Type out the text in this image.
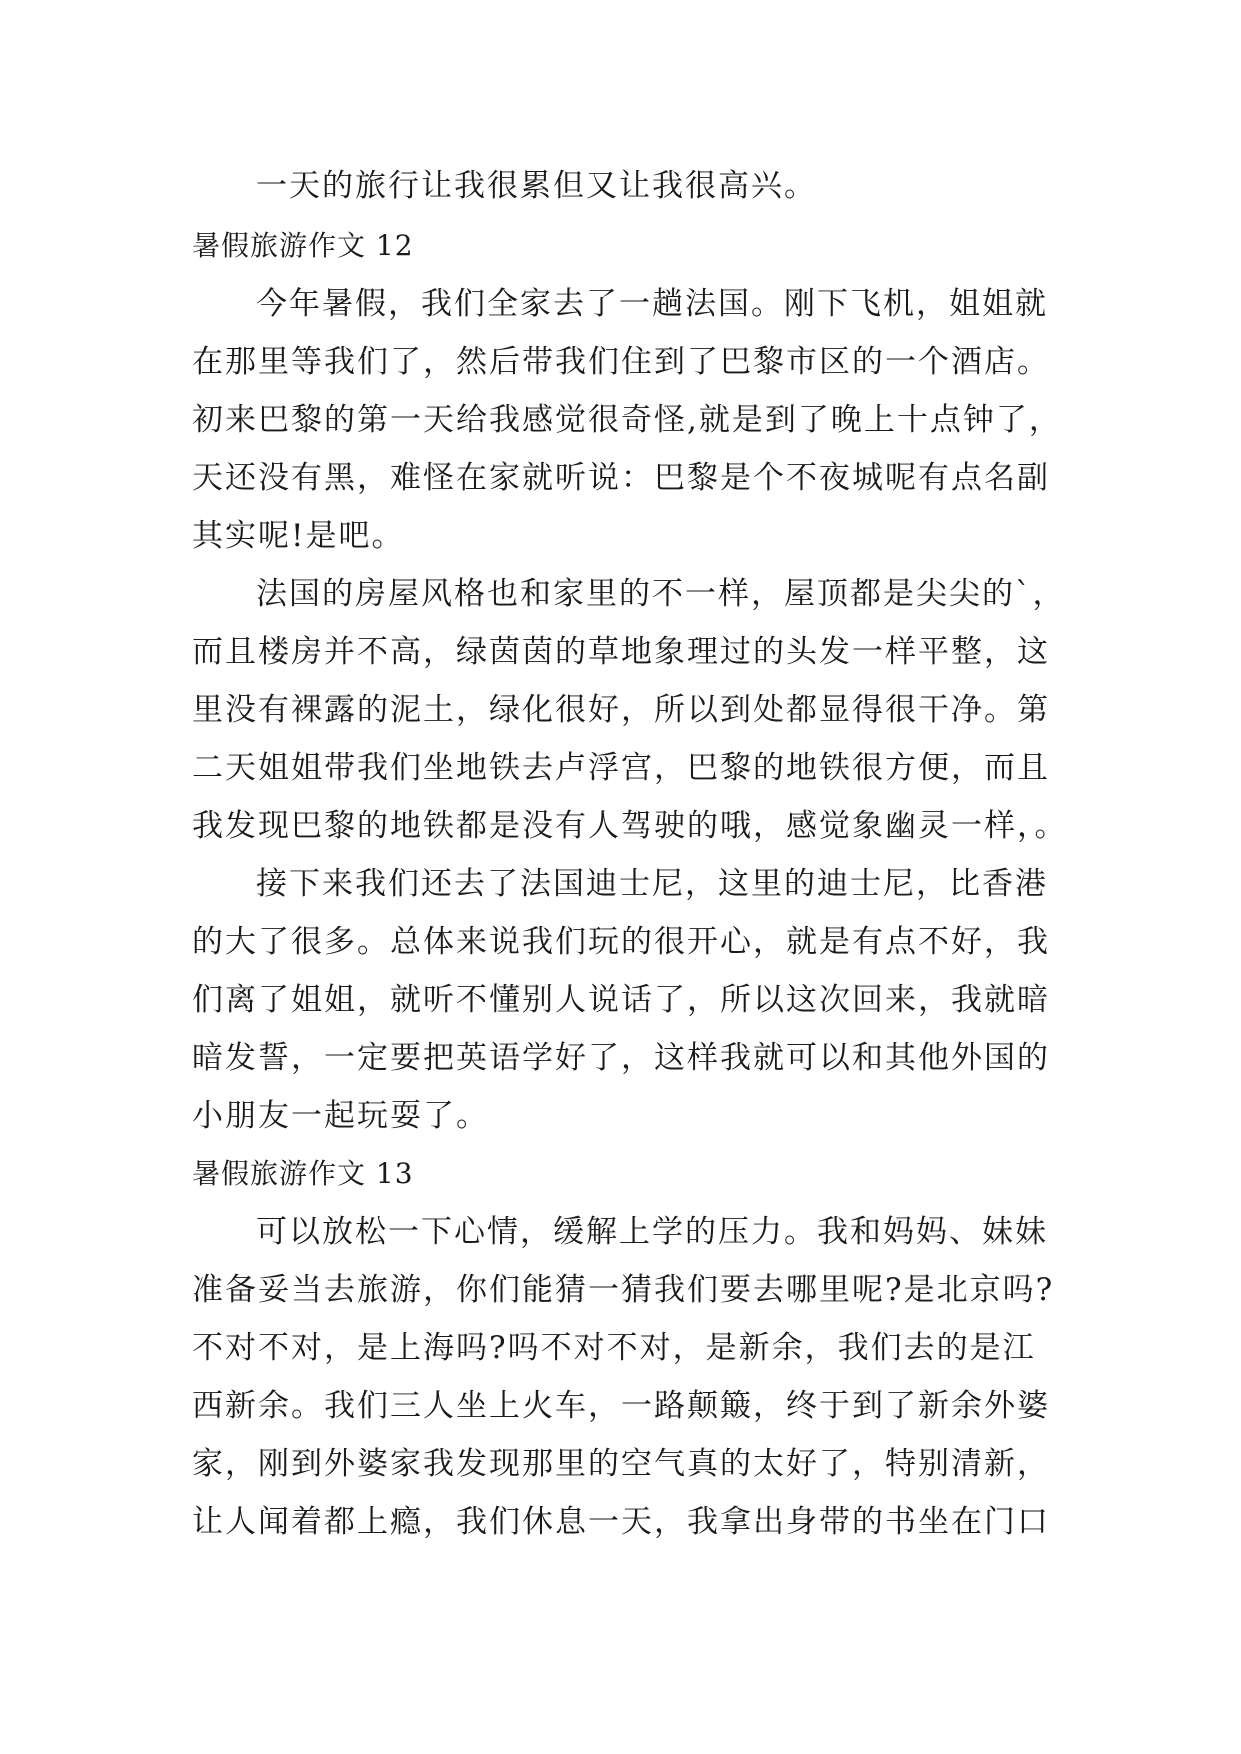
一天的旅行让我很累但又让我很高兴。
暑假旅游作文 12
今年暑假，我们全家去了一趟法国。刚下飞机，姐姐就
在那里等我们了，然后带我们住到了巴黎市区的一个酒店。
初来巴黎的第一天给我感觉很奇怪,就是到了晚上十点钟了，
天还没有黑，难怪在家就听说：巴黎是个不夜城呢有点名副
其实呢!是吧。
法国的房屋风格也和家里的不一样，屋顶都是尖尖的`，
而且楼房并不高，绿茵茵的草地象理过的头发一样平整，这
里没有裸露的泥土，绿化很好，所以到处都显得很干净。第
二天姐姐带我们坐地铁去卢浮宫，巴黎的地铁很方便，而且
我发现巴黎的地铁都是没有人驾驶的哦，感觉象幽灵一样，。
接下来我们还去了法国迪士尼，这里的迪士尼，比香港
的大了很多。总体来说我们玩的很开心，就是有点不好，我
们离了姐姐，就听不懂别人说话了，所以这次回来，我就暗
暗发誓，一定要把英语学好了，这样我就可以和其他外国的
小朋友一起玩耍了。
暑假旅游作文 13
可以放松一下心情，缓解上学的压力。我和妈妈、妹妹
准备妥当去旅游，你们能猜一猜我们要去哪里呢?是北京吗?
不对不对，是上海吗?吗不对不对，是新余，我们去的是江
西新余。我们三人坐上火车，一路颠簸，终于到了新余外婆
家，刚到外婆家我发现那里的空气真的太好了，特别清新，
让人闻着都上瘾，我们休息一天，我拿出身带的书坐在门口
